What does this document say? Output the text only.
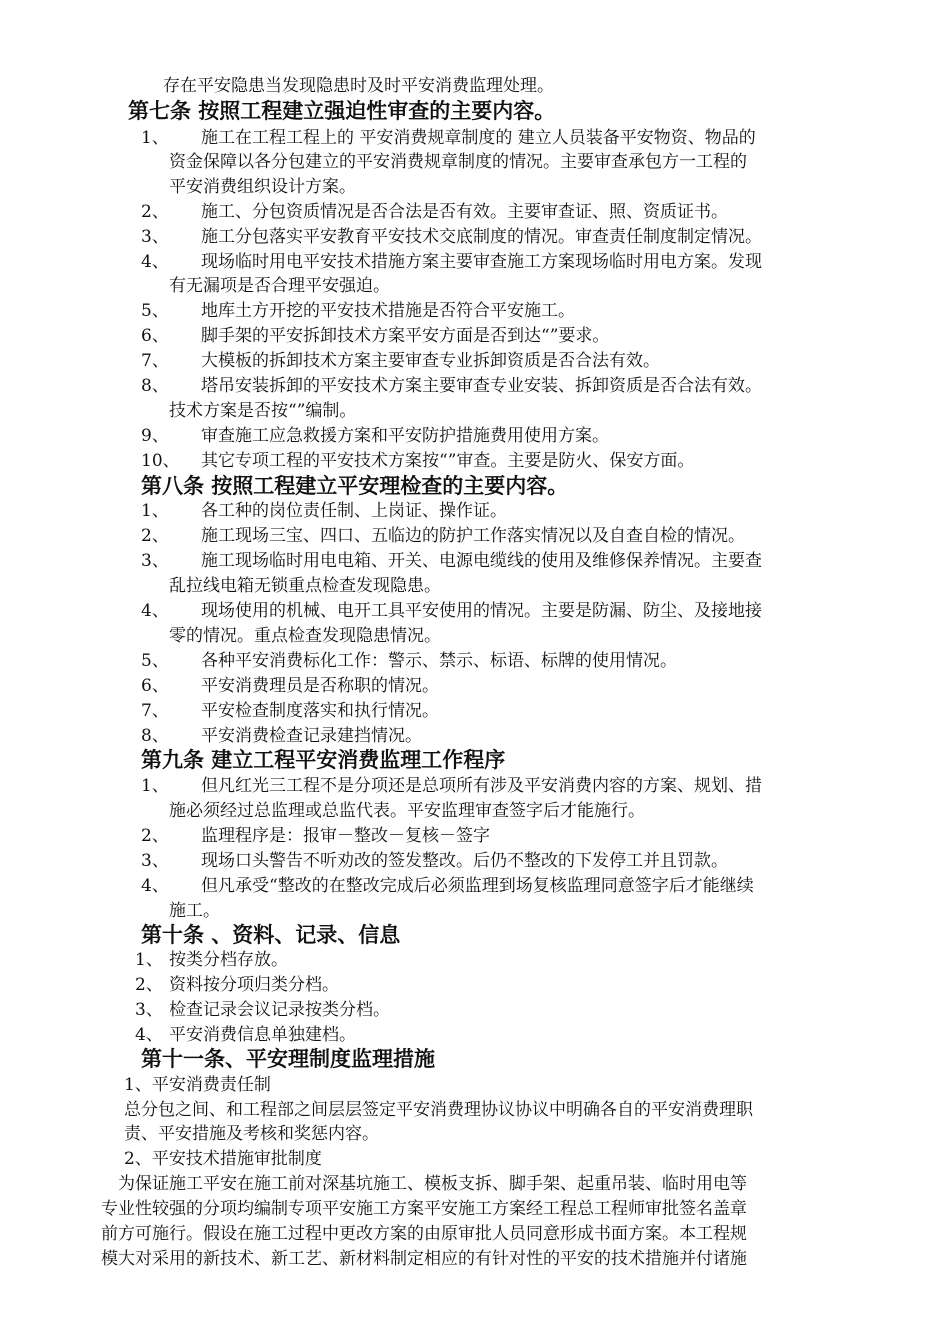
存在平安隐患当发现隐患时及时平安消费监理处理。
第七条 按照工程建立强迫性审查的主要内容。
1、 施工在工程工程上的 平安消费规章制度的 建立人员装备平安物资、物品的
资金保障以各分包建立的平安消费规章制度的情况。主要审查承包方一工程的
平安消费组织设计方案。
2、 施工、分包资质情况是否合法是否有效。主要审查证、照、资质证书。
3、 施工分包落实平安教育平安技术交底制度的情况。审查责任制度制定情况。
4、 现场临时用电平安技术措施方案主要审查施工方案现场临时用电方案。发现
有无漏项是否合理平安强迫。
5、 地库土方开挖的平安技术措施是否符合平安施工。
6、 脚手架的平安拆卸技术方案平安方面是否到达“”要求。
7、 大模板的拆卸技术方案主要审查专业拆卸资质是否合法有效。
8、 塔吊安装拆卸的平安技术方案主要审查专业安装、拆卸资质是否合法有效。
技术方案是否按“”编制。
9、 审查施工应急救援方案和平安防护措施费用使用方案。
10、 其它专项工程的平安技术方案按“”审查。主要是防火、保安方面。
第八条 按照工程建立平安理检查的主要内容。
1、 各工种的岗位责任制、上岗证、操作证。
2、 施工现场三宝、四口、五临边的防护工作落实情况以及自查自检的情况。
3、 施工现场临时用电电箱、开关、电源电缆线的使用及维修保养情况。主要查
乱拉线电箱无锁重点检查发现隐患。
4、 现场使用的机械、电开工具平安使用的情况。主要是防漏、防尘、及接地接
零的情况。重点检查发现隐患情况。
5、 各种平安消费标化工作：警示、禁示、标语、标牌的使用情况。
6、 平安消费理员是否称职的情况。
7、 平安检查制度落实和执行情况。
8、 平安消费检查记录建挡情况。
第九条 建立工程平安消费监理工作程序
1、 但凡红光三工程不是分项还是总项所有涉及平安消费内容的方案、规划、措
施必须经过总监理或总监代表。平安监理审查签字后才能施行。
2、 监理程序是：报审－整改－复核－签字
3、 现场口头警告不听劝改的签发整改。后仍不整改的下发停工并且罚款。
4、 但凡承受“整改的在整改完成后必须监理到场复核监理同意签字后才能继续
施工。
第十条 、资料、记录、信息
1、 按类分档存放。
2、 资料按分项归类分档。
3、 检查记录会议记录按类分档。
4、 平安消费信息单独建档。
第十一条、平安理制度监理措施
1、平安消费责任制
总分包之间、和工程部之间层层签定平安消费理协议协议中明确各自的平安消费理职
责、平安措施及考核和奖惩内容。
2、平安技术措施审批制度
为保证施工平安在施工前对深基坑施工、模板支拆、脚手架、起重吊装、临时用电等
专业性较强的分项均编制专项平安施工方案平安施工方案经工程总工程师审批签名盖章
前方可施行。假设在施工过程中更改方案的由原审批人员同意形成书面方案。本工程规
模大对采用的新技术、新工艺、新材料制定相应的有针对性的平安的技术措施并付诸施
